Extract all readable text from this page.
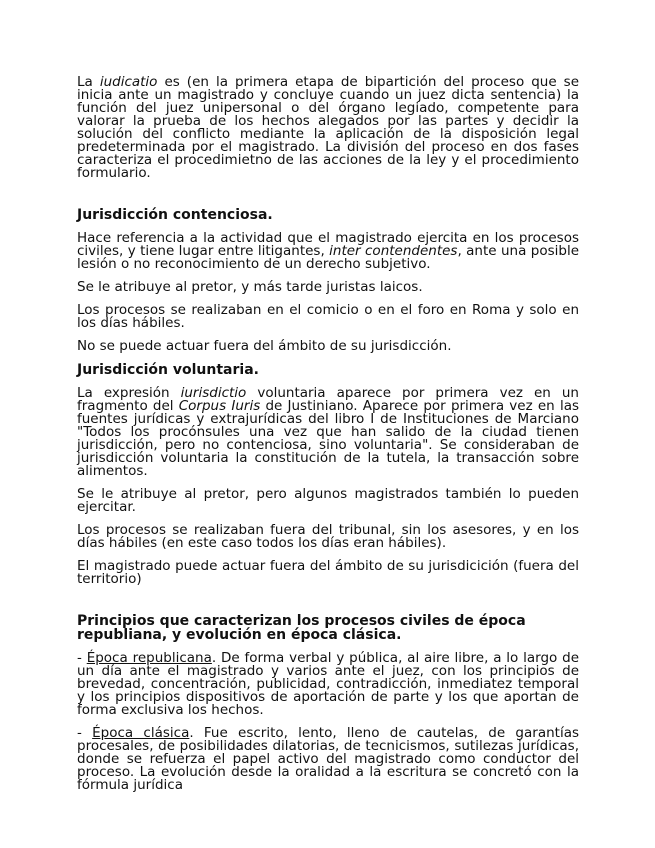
La iudicatio es (en la primera etapa de bipartición del proceso que se inicia ante un magistrado y concluye cuando un juez dicta sentencia) la función del juez unipersonal o del órgano legiado, competente para valorar la prueba de los hechos alegados por las partes y decidir la solución del conflicto mediante la aplicación de la disposición legal predeterminada por el magistrado. La división del proceso en dos fases caracteriza el procedimietno de las acciones de la ley y el procedimiento formulario.

Jurisdicción contenciosa.

Hace referencia a la actividad que el magistrado ejercita en los procesos civiles, y tiene lugar entre litigantes, inter contendentes, ante una posible lesión o no reconocimiento de un derecho subjetivo.

Se le atribuye al pretor, y más tarde juristas laicos.

Los procesos se realizaban en el comicio o en el foro en Roma y solo en los días hábiles.

No se puede actuar fuera del ámbito de su jurisdicción.

Jurisdicción voluntaria.

La expresión iurisdictio voluntaria aparece por primera vez en un fragmento del Corpus Iuris de Justiniano. Aparece por primera vez en las fuentes jurídicas y extrajurídicas del libro I de Instituciones de Marciano "Todos los procónsules una vez que han salido de la ciudad tienen jurisdicción, pero no contenciosa, sino voluntaria". Se consideraban de jurisdicción voluntaria la constitución de la tutela, la transacción sobre alimentos.

Se le atribuye al pretor, pero algunos magistrados también lo pueden ejercitar.

Los procesos se realizaban fuera del tribunal, sin los asesores, y en los días hábiles (en este caso todos los días eran hábiles).

El magistrado puede actuar fuera del ámbito de su jurisdicición (fuera del territorio)

Principios que caracterizan los procesos civiles de época republiana, y evolución en época clásica.

- Época republicana. De forma verbal y pública, al aire libre, a lo largo de un día ante el magistrado y varios ante el juez, con los principios de brevedad, concentración, publicidad, contradicción, inmediatez temporal y los principios dispositivos de aportación de parte y los que aportan de forma exclusiva los hechos.

- Época clásica. Fue escrito, lento, lleno de cautelas, de garantías procesales, de posibilidades dilatorias, de tecnicismos, sutilezas jurídicas, donde se refuerza el papel activo del magistrado como conductor del proceso. La evolución desde la oralidad a la escritura se concretó con la fórmula jurídica
